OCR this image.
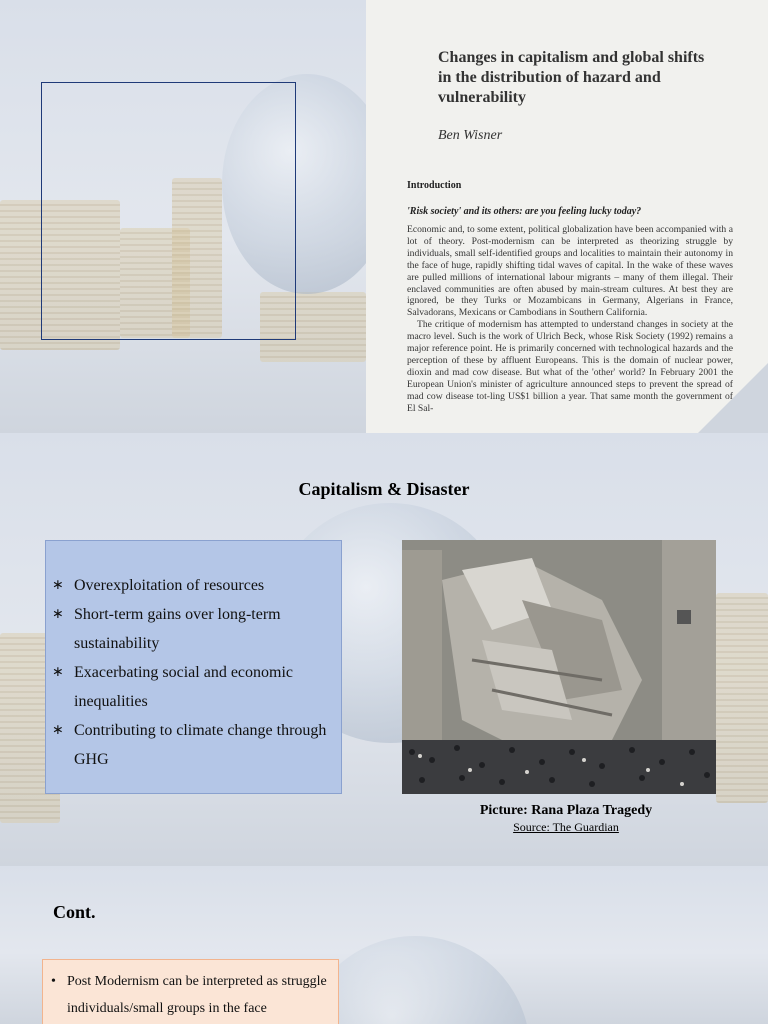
Changes in capitalism and global shifts in the distribution of hazard and vulnerability
Ben Wisner
Introduction
'Risk society' and its others: are you feeling lucky today?

Economic and, to some extent, political globalization have been accompanied with a lot of theory. Post-modernism can be interpreted as theorizing struggle by individuals, small self-identified groups and localities to maintain their autonomy in the face of huge, rapidly shifting tidal waves of capital. In the wake of these waves are pulled millions of international labour migrants – many of them illegal. Their enclaved communities are often abused by main-stream cultures. At best they are ignored, be they Turks or Mozambicans in Germany, Algerians in France, Salvadorans, Mexicans or Cambodians in Southern California.

The critique of modernism has attempted to understand changes in society at the macro level. Such is the work of Ulrich Beck, whose Risk Society (1992) remains a major reference point. He is primarily concerned with technological hazards and the perception of these by affluent Europeans. This is the domain of nuclear power, dioxin and mad cow disease. But what of the 'other' world? In February 2001 the European Union's minister of agriculture announced steps to prevent the spread of mad cow disease tot-ling US$1 billion a year. That same month the government of El Sal-

Capitalism & Disaster
∗ Overexploitation of resources
∗ Short-term gains over long-term sustainability
∗ Exacerbating social and economic inequalities
∗ Contributing to climate change through GHG
Picture: Rana Plaza Tragedy
Source: The Guardian
Cont.
• Post Modernism can be interpreted as struggle individuals/small groups in the face
